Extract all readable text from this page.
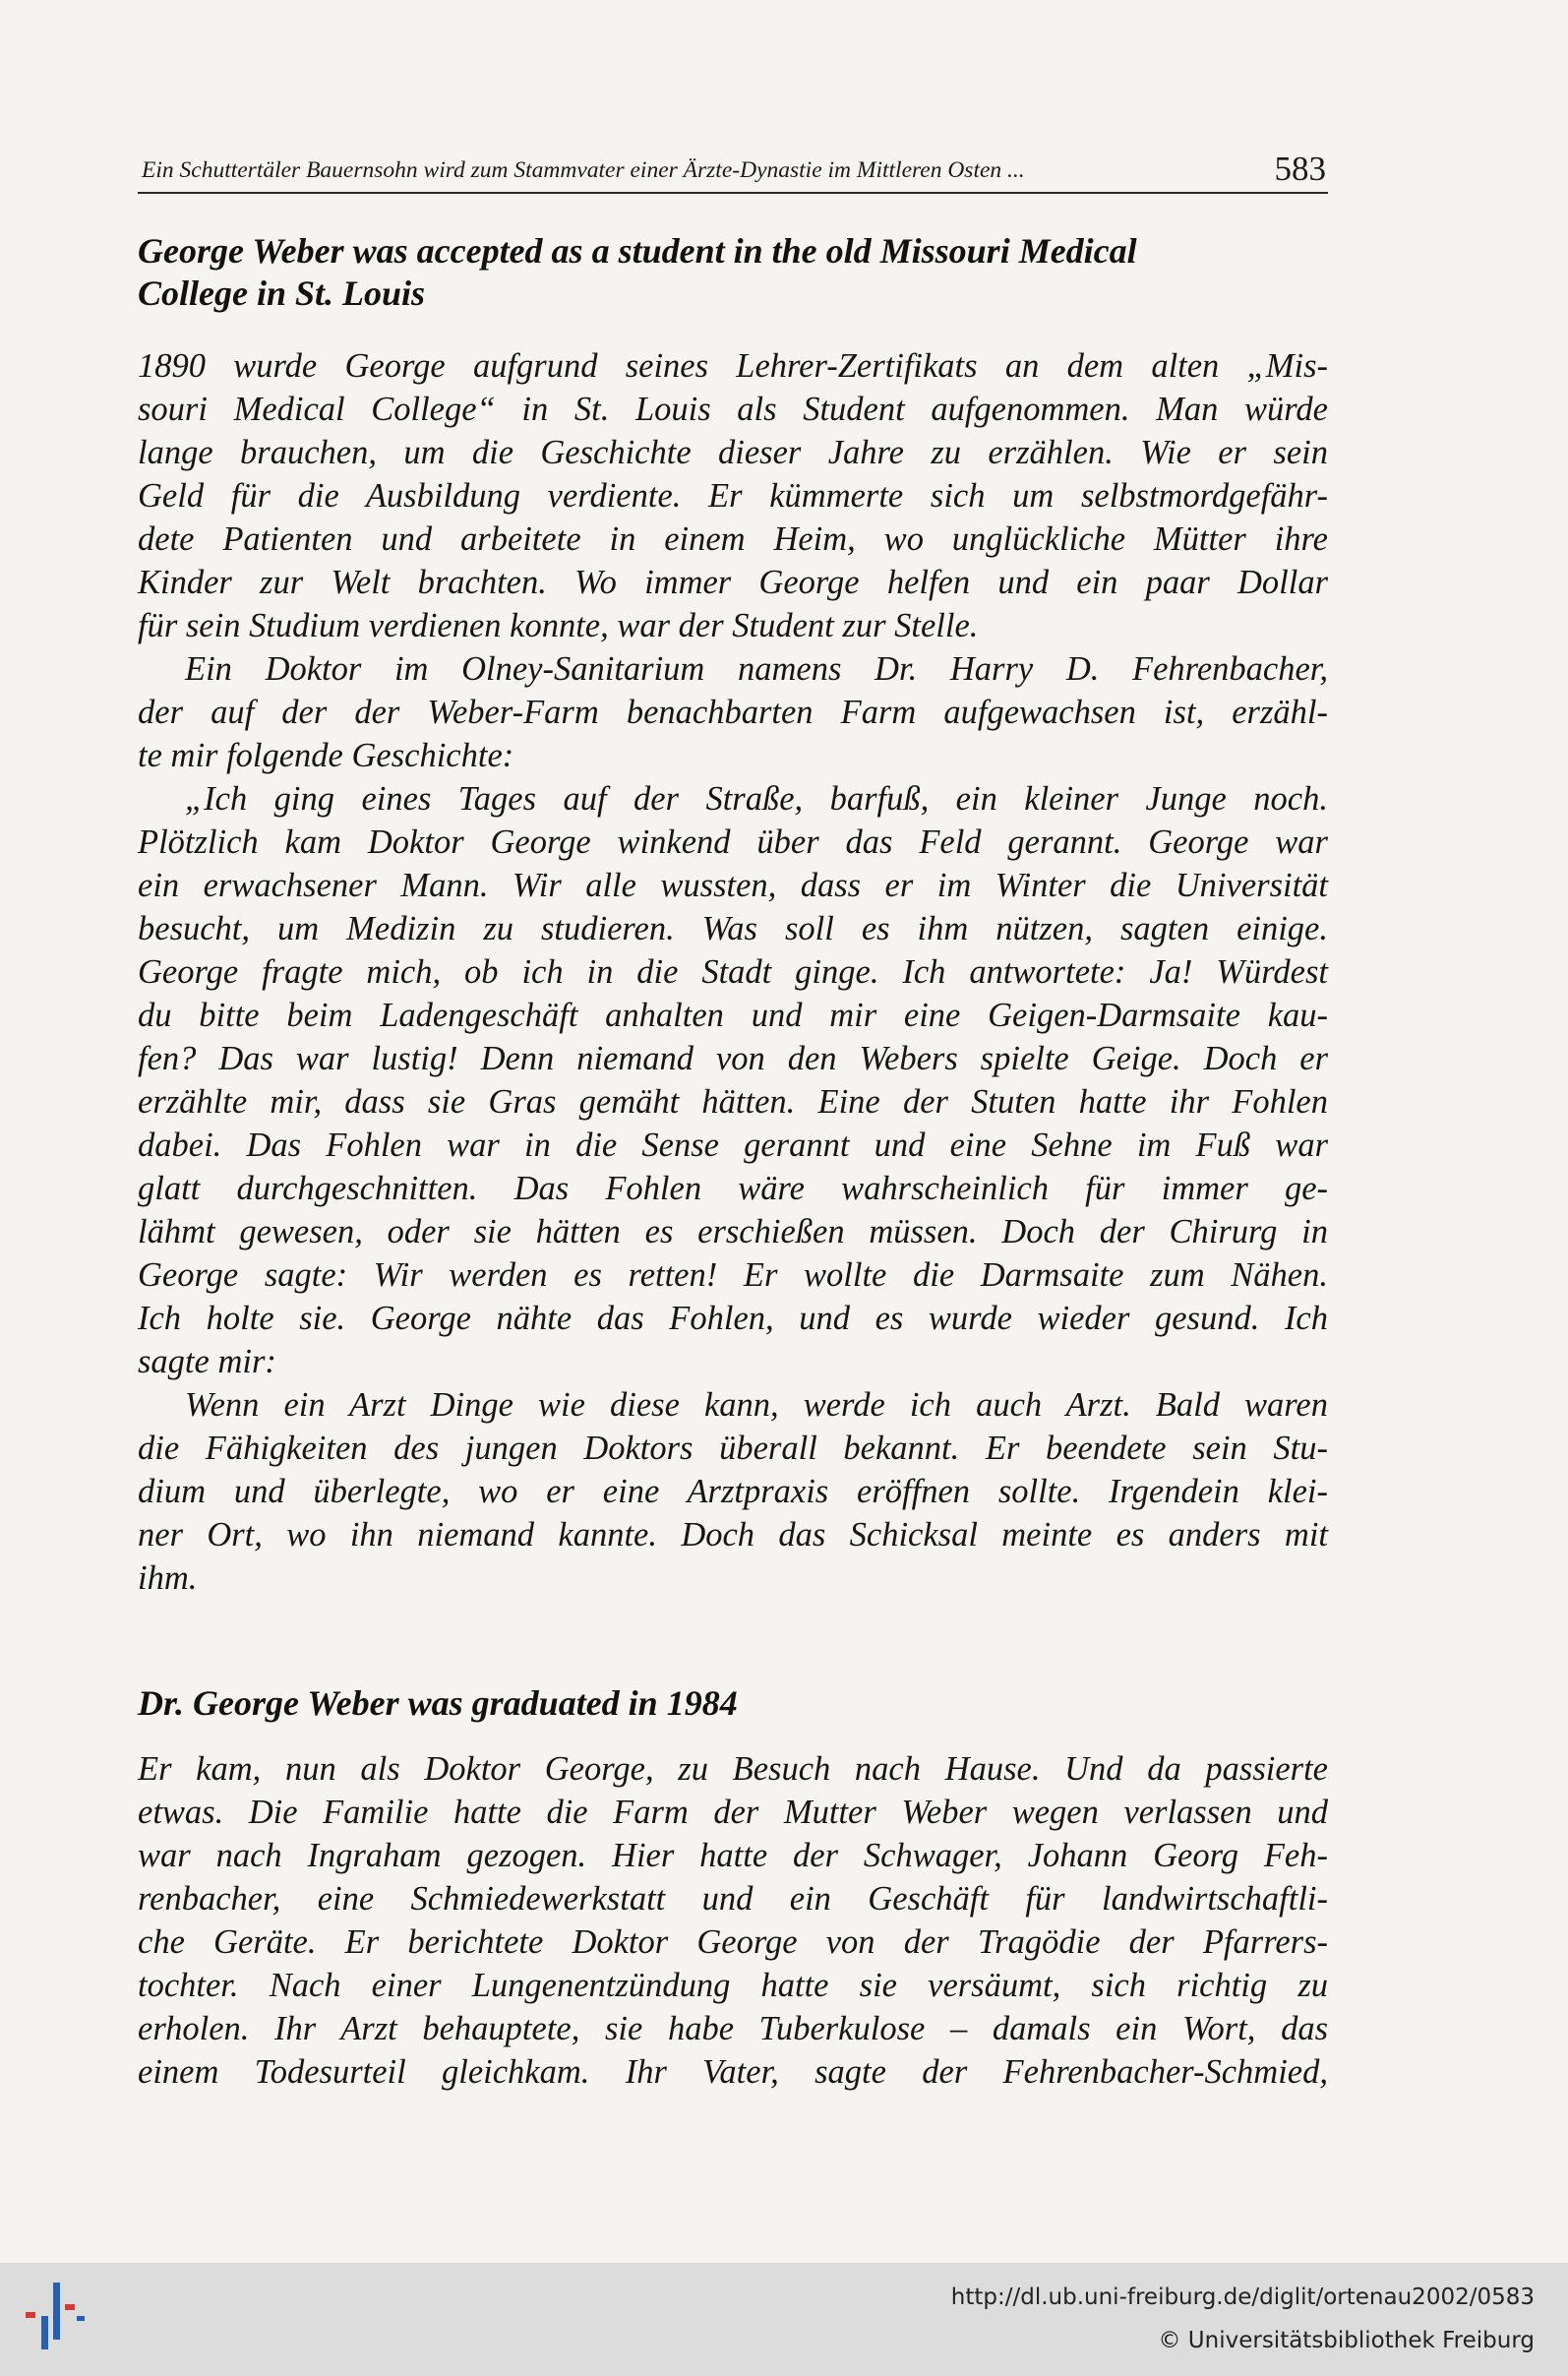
Ein Schuttertäler Bauernsohn wird zum Stammvater einer Ärzte-Dynastie im Mittleren Osten ...	583
George Weber was accepted as a student in the old Missouri Medical
College in St. Louis
1890 wurde George aufgrund seines Lehrer-Zertifikats an dem alten „Mis-
souri Medical College“ in St. Louis als Student aufgenommen. Man würde
lange brauchen, um die Geschichte dieser Jahre zu erzählen. Wie er sein
Geld für die Ausbildung verdiente. Er kümmerte sich um selbstmordgefähr-
dete Patienten und arbeitete in einem Heim, wo unglückliche Mütter ihre
Kinder zur Welt brachten. Wo immer George helfen und ein paar Dollar
für sein Studium verdienen konnte, war der Student zur Stelle.
Ein Doktor im Olney-Sanitarium namens Dr. Harry D. Fehrenbacher,
der auf der der Weber-Farm benachbarten Farm aufgewachsen ist, erzähl-
te mir folgende Geschichte:
„Ich ging eines Tages auf der Straße, barfuß, ein kleiner Junge noch.
Plötzlich kam Doktor George winkend über das Feld gerannt. George war
ein erwachsener Mann. Wir alle wussten, dass er im Winter die Universität
besucht, um Medizin zu studieren. Was soll es ihm nützen, sagten einige.
George fragte mich, ob ich in die Stadt ginge. Ich antwortete: Ja! Würdest
du bitte beim Ladengeschäft anhalten und mir eine Geigen-Darmsaite kau-
fen? Das war lustig! Denn niemand von den Webers spielte Geige. Doch er
erzählte mir, dass sie Gras gemäht hätten. Eine der Stuten hatte ihr Fohlen
dabei. Das Fohlen war in die Sense gerannt und eine Sehne im Fuß war
glatt durchgeschnitten. Das Fohlen wäre wahrscheinlich für immer ge-
lähmt gewesen, oder sie hätten es erschießen müssen. Doch der Chirurg in
George sagte: Wir werden es retten! Er wollte die Darmsaite zum Nähen.
Ich holte sie. George nähte das Fohlen, und es wurde wieder gesund. Ich
sagte mir:
Wenn ein Arzt Dinge wie diese kann, werde ich auch Arzt. Bald waren
die Fähigkeiten des jungen Doktors überall bekannt. Er beendete sein Stu-
dium und überlegte, wo er eine Arztpraxis eröffnen sollte. Irgendein klei-
ner Ort, wo ihn niemand kannte. Doch das Schicksal meinte es anders mit
ihm.
Dr. George Weber was graduated in 1984
Er kam, nun als Doktor George, zu Besuch nach Hause. Und da passierte
etwas. Die Familie hatte die Farm der Mutter Weber wegen verlassen und
war nach Ingraham gezogen. Hier hatte der Schwager, Johann Georg Feh-
renbacher, eine Schmiedewerkstatt und ein Geschäft für landwirtschaftli-
che Geräte. Er berichtete Doktor George von der Tragödie der Pfarrers-
tochter. Nach einer Lungenentzündung hatte sie versäumt, sich richtig zu
erholen. Ihr Arzt behauptete, sie habe Tuberkulose – damals ein Wort, das
einem Todesurteil gleichkam. Ihr Vater, sagte der Fehrenbacher-Schmied,
http://dl.ub.uni-freiburg.de/diglit/ortenau2002/0583
© Universitätsbibliothek Freiburg
